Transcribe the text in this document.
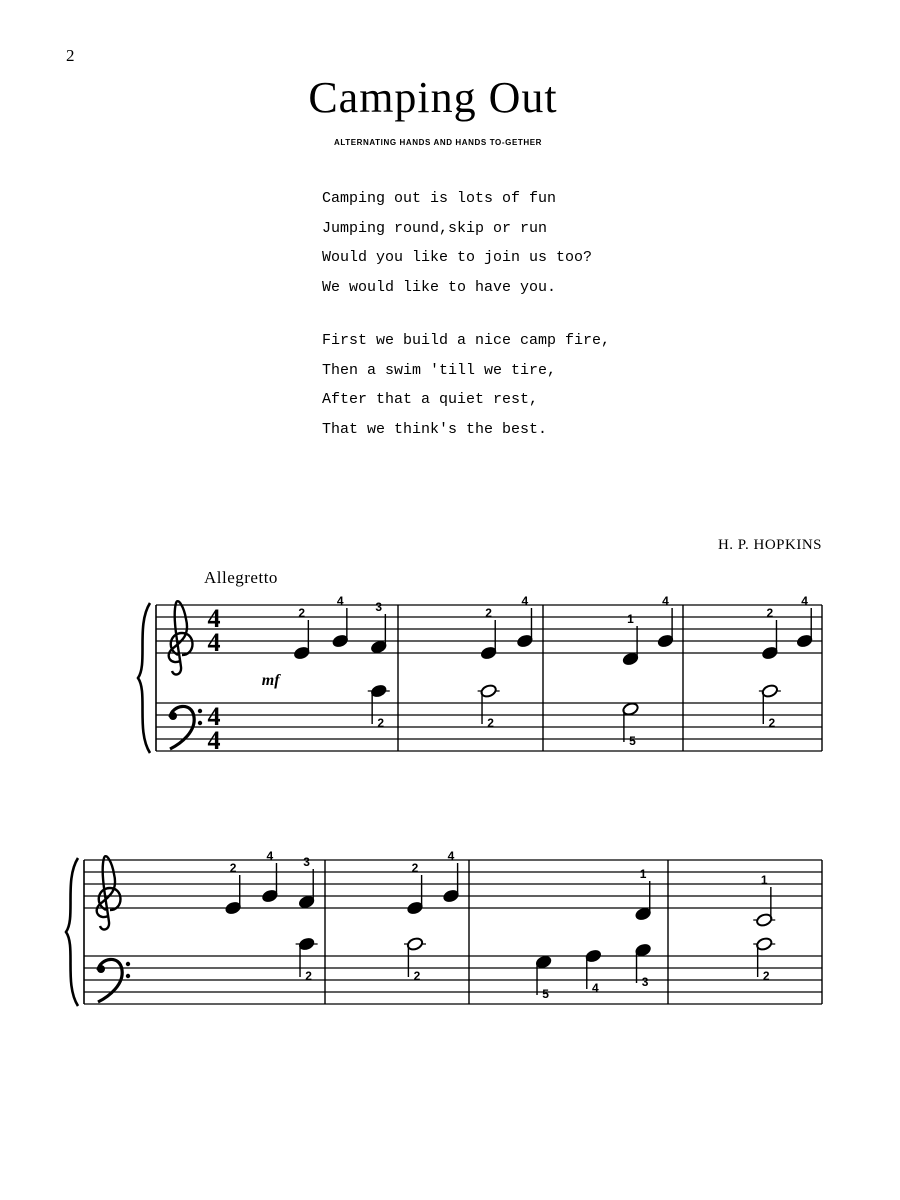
2
Camping Out
ALTERNATING HANDS AND HANDS TO-GETHER
Camping out is lots of fun
Jumping round,skip or run
Would you like to join us too?
We would like to have you.
First we build a nice camp fire,
Then a swim 'till we tire,
After that a quiet rest,
That we think's the best.
H. P. HOPKINS
Allegretto
4
4
4
4
2
4	3
2
2
4
2
1
4
5
2
4
2
mf
2
4	3
2
2
4
2
1
5	4	3
1
2
